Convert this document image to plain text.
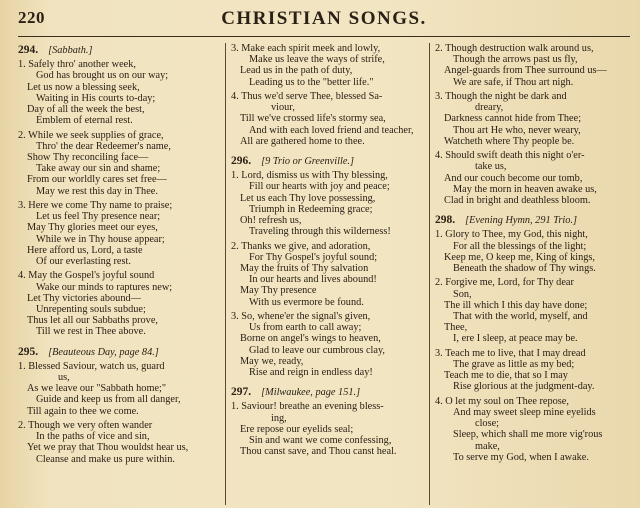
220	CHRISTIAN SONGS.
294. [Sabbath.]
1. Safely thro' another week,
God has brought us on our way;
Let us now a blessing seek,
Waiting in His courts to-day;
Day of all the week the best,
Emblem of eternal rest.
2. While we seek supplies of grace,
Thro' the dear Redeemer's name,
Show Thy reconciling face—
Take away our sin and shame;
From our worldly cares set free—
May we rest this day in Thee.
3. Here we come Thy name to praise;
Let us feel Thy presence near;
May Thy glories meet our eyes,
While we in Thy house appear;
Here afford us, Lord, a taste
Of our everlasting rest.
4. May the Gospel's joyful sound
Wake our minds to raptures new;
Let Thy victories abound—
Unrepenting souls subdue;
Thus let all our Sabbaths prove,
Till we rest in Thee above.
295. [Beauteous Day, page 84.]
1. Blessed Saviour, watch us, guard
us,
As we leave our "Sabbath home;"
Guide and keep us from all danger,
Till again to thee we come.
2. Though we very often wander
In the paths of vice and sin,
Yet we pray that Thou wouldst hear us,
Cleanse and make us pure within.
3. Make each spirit meek and lowly,
Make us leave the ways of strife,
Lead us in the path of duty,
Leading us to the "better life."
4. Thus we'd serve Thee, blessed Sa-
viour,
Till we've crossed life's stormy sea,
And with each loved friend and teacher,
All are gathered home to thee.
296. [9 Trio or Greenville.]
1. Lord, dismiss us with Thy blessing,
Fill our hearts with joy and peace;
Let us each Thy love possessing,
Triumph in Redeeming grace;
Oh! refresh us,
Traveling through this wilderness!
2. Thanks we give, and adoration,
For Thy Gospel's joyful sound;
May the fruits of Thy salvation
In our hearts and lives abound!
May Thy presence
With us evermore be found.
3. So, whene'er the signal's given,
Us from earth to call away;
Borne on angel's wings to heaven,
Glad to leave our cumbrous clay,
May we, ready,
Rise and reign in endless day!
297. [Milwaukee, page 151.]
1. Saviour! breathe an evening bless-
ing,
Ere repose our eyelids seal;
Sin and want we come confessing,
Thou canst save, and Thou canst heal.
2. Though destruction walk around us,
Though the arrows past us fly,
Angel-guards from Thee surround us—
We are safe, if Thou art nigh.
3. Though the night be dark and
dreary,
Darkness cannot hide from Thee;
Thou art He who, never weary,
Watcheth where Thy people be.
4. Should swift death this night o'er-
take us,
And our couch become our tomb,
May the morn in heaven awake us,
Clad in bright and deathless bloom.
298. [Evening Hymn, 291 Trio.]
1. Glory to Thee, my God, this night,
For all the blessings of the light;
Keep me, O keep me, King of kings,
Beneath the shadow of Thy wings.
2. Forgive me, Lord, for Thy dear
Son,
The ill which I this day have done;
That with the world, myself, and
Thee,
I, ere I sleep, at peace may be.
3. Teach me to live, that I may dread
The grave as little as my bed;
Teach me to die, that so I may
Rise glorious at the judgment-day.
4. O let my soul on Thee repose,
And may sweet sleep mine eyelids
close;
Sleep, which shall me more vig'rous
make,
To serve my God, when I awake.
